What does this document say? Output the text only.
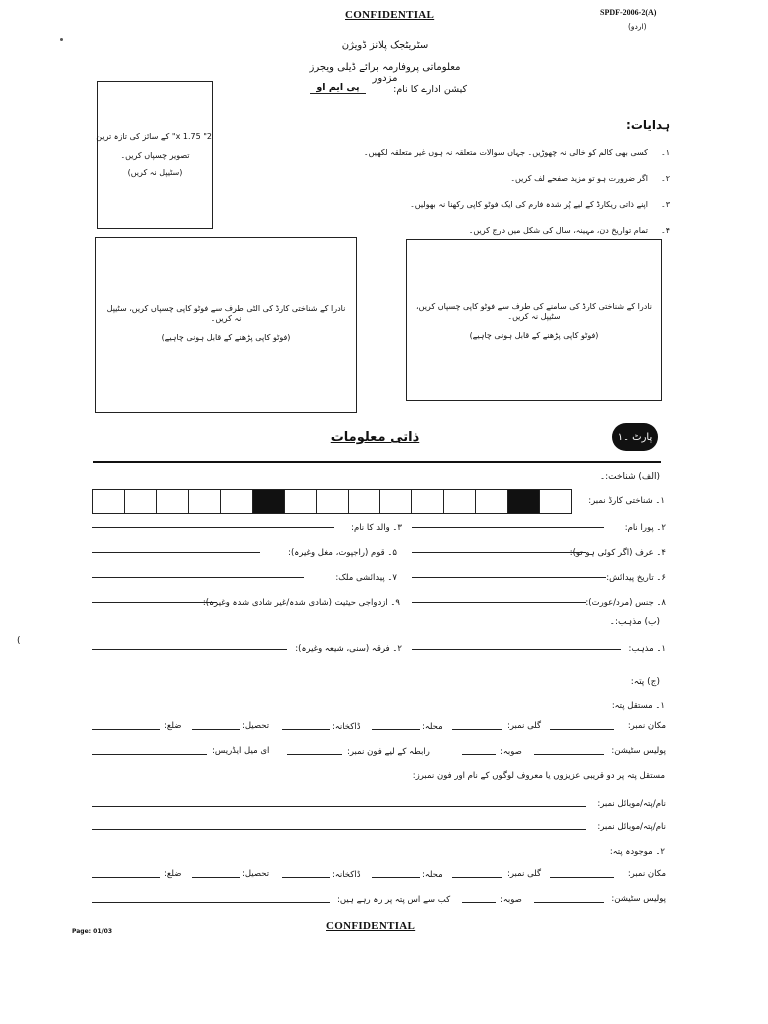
CONFIDENTIAL	SPDF-2006-2(A)
(اردو)
سٹریٹجک پلانز ڈویژن
معلوماتی پروفارمہ برائے ڈیلی ویجرز مزدور
کیشن ادارے کا نام:
پی ایم او
2" x 1.75" کے سائز کی تازہ ترین
تصویر چسپاں کریں۔
(سٹیپل نہ کریں)
ہدایات:
۱۔کسی بھی کالم کو خالی نہ چھوڑیں۔ جہاں سوالات متعلقہ نہ ہوں غیر متعلقہ لکھیں۔
۲۔اگر ضرورت ہو تو مزید صفحے لف کریں۔
۳۔اپنے ذاتی ریکارڈ کے لیے پُر شدہ فارم کی ایک فوٹو کاپی رکھنا نہ بھولیں۔
۴۔تمام تواریخ دن، مہینہ، سال کی شکل میں درج کریں۔
نادرا کے شناختی کارڈ کی الٹی طرف سے فوٹو کاپی چسپاں کریں، سٹیپل نہ کریں۔
(فوٹو کاپی پڑھنے کے قابل ہونی چاہیے)
نادرا کے شناختی کارڈ کی سامنے کی طرف سے فوٹو کاپی چسپاں کریں، سٹیپل نہ کریں۔
(فوٹو کاپی پڑھنے کے قابل ہونی چاہیے)
پارٹ ۔۱
ذاتی معلومات
(الف) شناخت:۔
۱۔ شناختی کارڈ نمبر:
۲۔ پورا نام:
۳۔ والد کا نام:
۴۔ عرف (اگر کوئی ہو تو):
۵۔ قوم (راجپوت، مغل وغیرہ):
۶۔ تاریخ پیدائش:
۷۔ پیدائشی ملک:
۸۔ جنس (مرد/عورت):
۹۔ ازدواجی حیثیت (شادی شدہ/غیر شادی شدہ وغیرہ):
(ب) مذہب:۔
۱۔ مذہب:
۲۔ فرقہ (سنی، شیعہ وغیرہ):
(ج) پتہ:
۱۔ مستقل پتہ:
مکان نمبر:
گلی نمبر:
محلہ:
ڈاکخانہ:
تحصیل:
ضلع:
پولیس سٹیشن:
صوبہ:
رابطہ کے لیے فون نمبر:
ای میل ایڈریس:
مستقل پتہ پر دو قریبی عزیزوں یا معروف لوگوں کے نام اور فون نمبرز:
نام/پتہ/موبائل نمبر:
نام/پتہ/موبائل نمبر:
۲۔ موجودہ پتہ:
مکان نمبر:
گلی نمبر:
محلہ:
ڈاکخانہ:
تحصیل:
ضلع:
پولیس سٹیشن:
صوبہ:
کب سے اس پتہ پر رہ رہے ہیں:
Page: 01/03	CONFIDENTIAL
(
